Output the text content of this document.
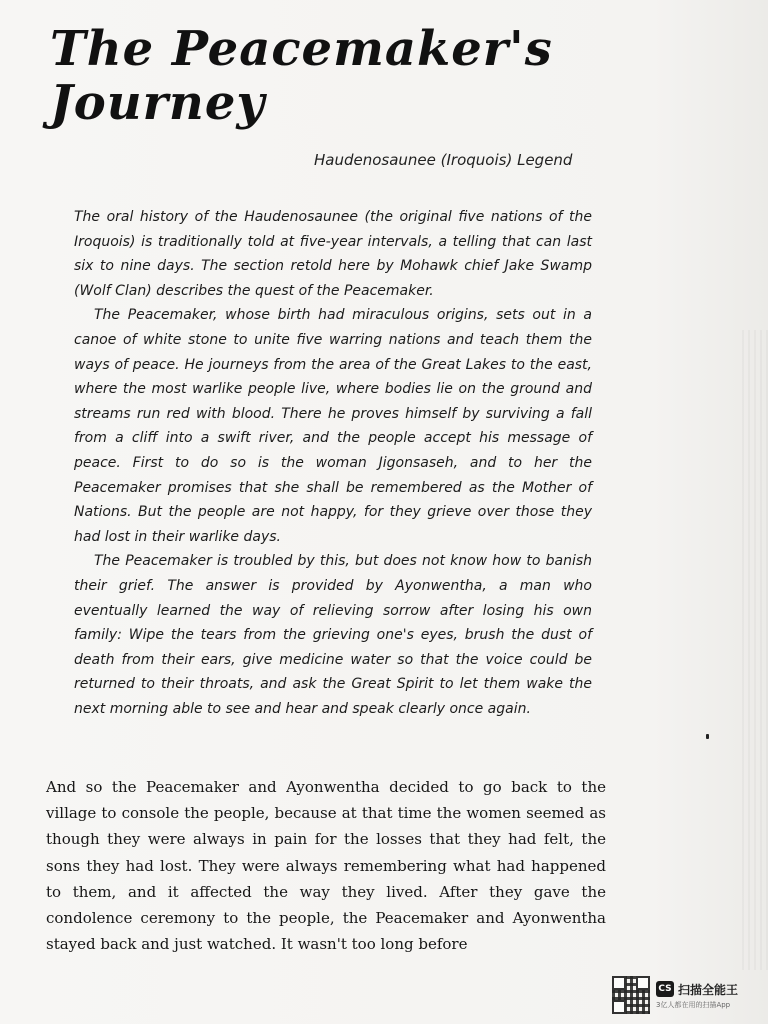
The Peacemaker's
Journey
Haudenosaunee (Iroquois) Legend

The oral history of the Haudenosaunee (the original five nations of the Iroquois) is traditionally told at five-year intervals, a telling that can last six to nine days. The section retold here by Mohawk chief Jake Swamp (Wolf Clan) describes the quest of the Peacemaker.

The Peacemaker, whose birth had miraculous origins, sets out in a canoe of white stone to unite five warring nations and teach them the ways of peace. He journeys from the area of the Great Lakes to the east, where the most warlike people live, where bodies lie on the ground and streams run red with blood. There he proves himself by surviving a fall from a cliff into a swift river, and the people accept his message of peace. First to do so is the woman Jigonsaseh, and to her the Peacemaker promises that she shall be remembered as the Mother of Nations. But the people are not happy, for they grieve over those they had lost in their warlike days.

The Peacemaker is troubled by this, but does not know how to banish their grief. The answer is provided by Ayonwentha, a man who eventually learned the way of relieving sorrow after losing his own family: Wipe the tears from the grieving one's eyes, brush the dust of death from their ears, give medicine water so that the voice could be returned to their throats, and ask the Great Spirit to let them wake the next morning able to see and hear and speak clearly once again.

And so the Peacemaker and Ayonwentha decided to go back to the village to console the people, because at that time the women seemed as though they were always in pain for the losses that they had felt, the sons they had lost. They were always remembering what had happened to them, and it affected the way they lived. After they gave the condolence ceremony to the people, the Peacemaker and Ayonwentha stayed back and just watched. It wasn't too long before

CS 扫描全能王
3亿人都在用的扫描App
